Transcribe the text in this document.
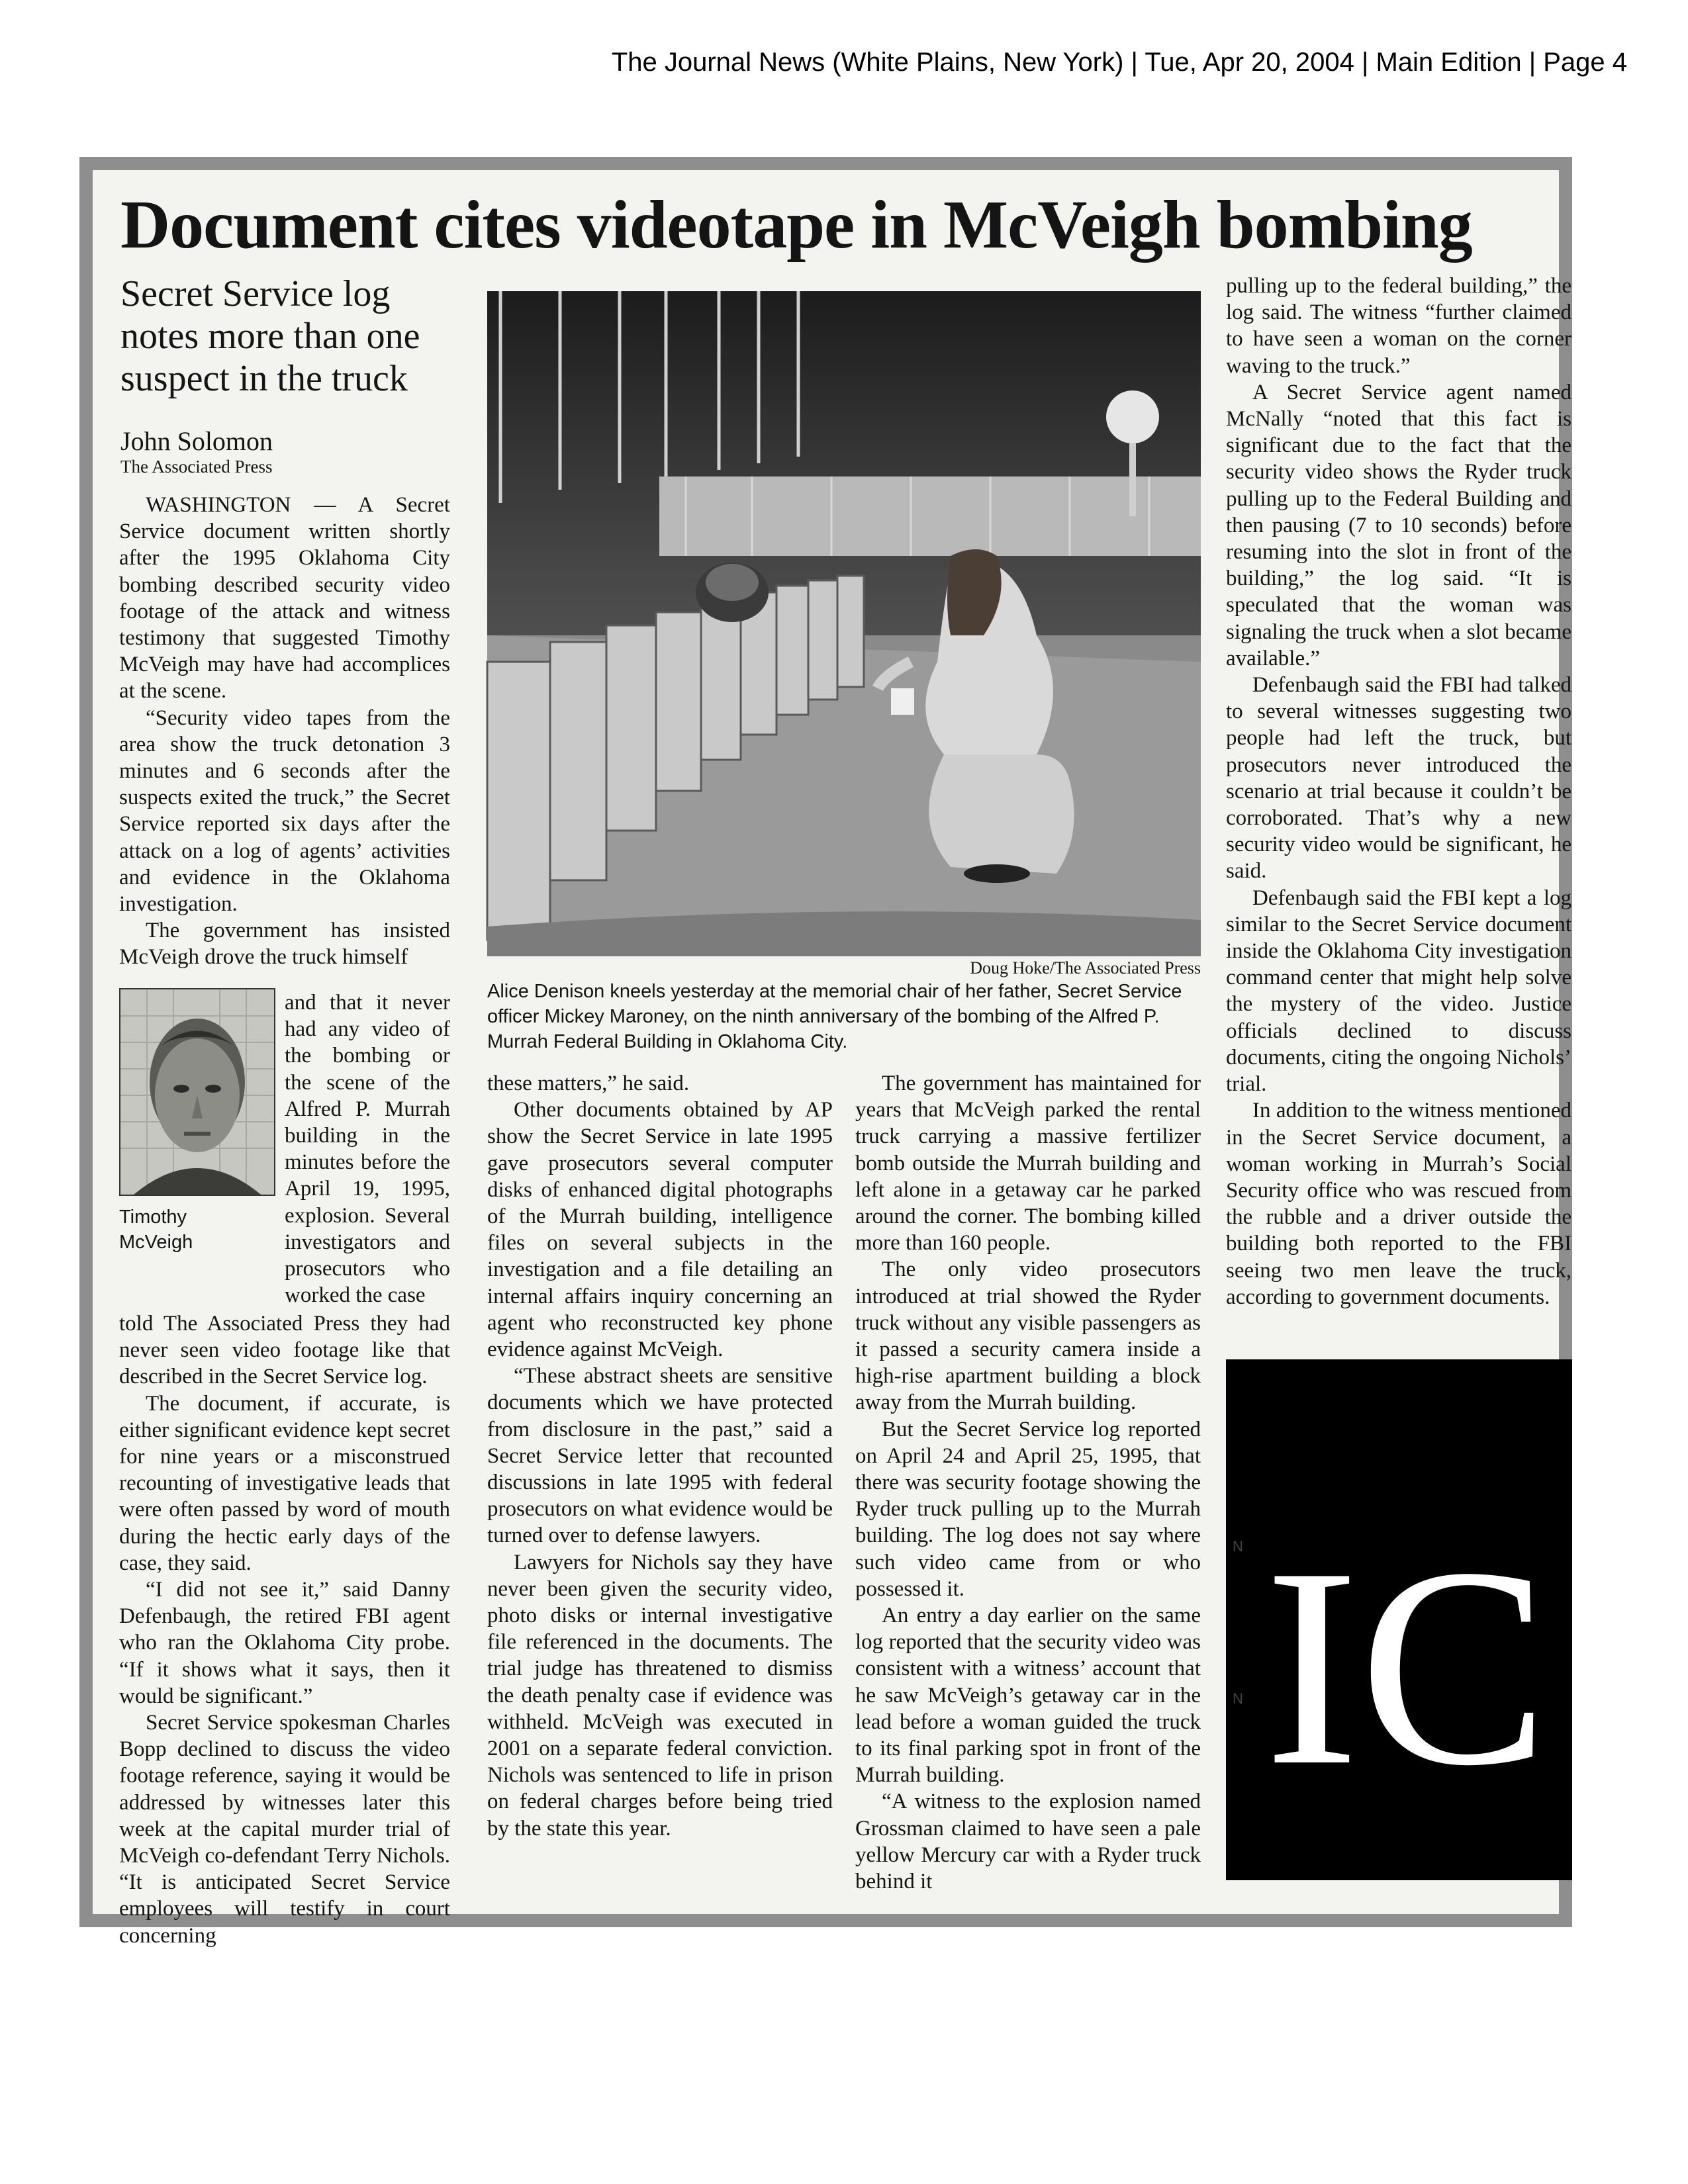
The Journal News (White Plains, New York) | Tue, Apr 20, 2004 | Main Edition | Page 4
Document cites videotape in McVeigh bombing
Secret Service log notes more than one suspect in the truck
John Solomon
The Associated Press

WASHINGTON — A Secret Service document written shortly after the 1995 Oklahoma City bombing described security video footage of the attack and witness testimony that suggested Timothy McVeigh may have had accomplices at the scene.

“Security video tapes from the area show the truck detonation 3 minutes and 6 seconds after the suspects exited the truck,” the Secret Service reported six days after the attack on a log of agents’ activities and evidence in the Oklahoma investigation.

The government has insisted McVeigh drove the truck himself

Timothy McVeigh
and that it never had any video of the bombing or the scene of the Alfred P. Murrah building in the minutes before the April 19, 1995, explosion. Several investigators and prosecutors who worked the case

told The Associated Press they had never seen video footage like that described in the Secret Service log.

The document, if accurate, is either significant evidence kept secret for nine years or a misconstrued recounting of investigative leads that were often passed by word of mouth during the hectic early days of the case, they said.

“I did not see it,” said Danny Defenbaugh, the retired FBI agent who ran the Oklahoma City probe. “If it shows what it says, then it would be significant.”

Secret Service spokesman Charles Bopp declined to discuss the video footage reference, saying it would be addressed by witnesses later this week at the capital murder trial of McVeigh co-defendant Terry Nichols. “It is anticipated Secret Service employees will testify in court concerning

Doug Hoke/The Associated Press
Alice Denison kneels yesterday at the memorial chair of her father, Secret Service officer Mickey Maroney, on the ninth anniversary of the bombing of the Alfred P. Murrah Federal Building in Oklahoma City.

these matters,” he said.

Other documents obtained by AP show the Secret Service in late 1995 gave prosecutors several computer disks of enhanced digital photographs of the Murrah building, intelligence files on several subjects in the investigation and a file detailing an internal affairs inquiry concerning an agent who reconstructed key phone evidence against McVeigh.

“These abstract sheets are sensitive documents which we have protected from disclosure in the past,” said a Secret Service letter that recounted discussions in late 1995 with federal prosecutors on what evidence would be turned over to defense lawyers.

Lawyers for Nichols say they have never been given the security video, photo disks or internal investigative file referenced in the documents. The trial judge has threatened to dismiss the death penalty case if evidence was withheld. McVeigh was executed in 2001 on a separate federal conviction. Nichols was sentenced to life in prison on federal charges before being tried by the state this year.

The government has maintained for years that McVeigh parked the rental truck carrying a massive fertilizer bomb outside the Murrah building and left alone in a getaway car he parked around the corner. The bombing killed more than 160 people.

The only video prosecutors introduced at trial showed the Ryder truck without any visible passengers as it passed a security camera inside a high-rise apartment building a block away from the Murrah building.

But the Secret Service log reported on April 24 and April 25, 1995, that there was security footage showing the Ryder truck pulling up to the Murrah building. The log does not say where such video came from or who possessed it.

An entry a day earlier on the same log reported that the security video was consistent with a witness’ account that he saw McVeigh’s getaway car in the lead before a woman guided the truck to its final parking spot in front of the Murrah building.

“A witness to the explosion named Grossman claimed to have seen a pale yellow Mercury car with a Ryder truck behind it

pulling up to the federal building,” the log said. The witness “further claimed to have seen a woman on the corner waving to the truck.”

A Secret Service agent named McNally “noted that this fact is significant due to the fact that the security video shows the Ryder truck pulling up to the Federal Building and then pausing (7 to 10 seconds) before resuming into the slot in front of the building,” the log said. “It is speculated that the woman was signaling the truck when a slot became available.”

Defenbaugh said the FBI had talked to several witnesses suggesting two people had left the truck, but prosecutors never introduced the scenario at trial because it couldn’t be corroborated. That’s why a new security video would be significant, he said.

Defenbaugh said the FBI kept a log similar to the Secret Service document inside the Oklahoma City investigation command center that might help solve the mystery of the video. Justice officials declined to discuss documents, citing the ongoing Nichols’ trial.

In addition to the witness mentioned in the Secret Service document, a woman working in Murrah’s Social Security office who was rescued from the rubble and a driver outside the building both reported to the FBI seeing two men leave the truck, according to government documents.

N
N IC
